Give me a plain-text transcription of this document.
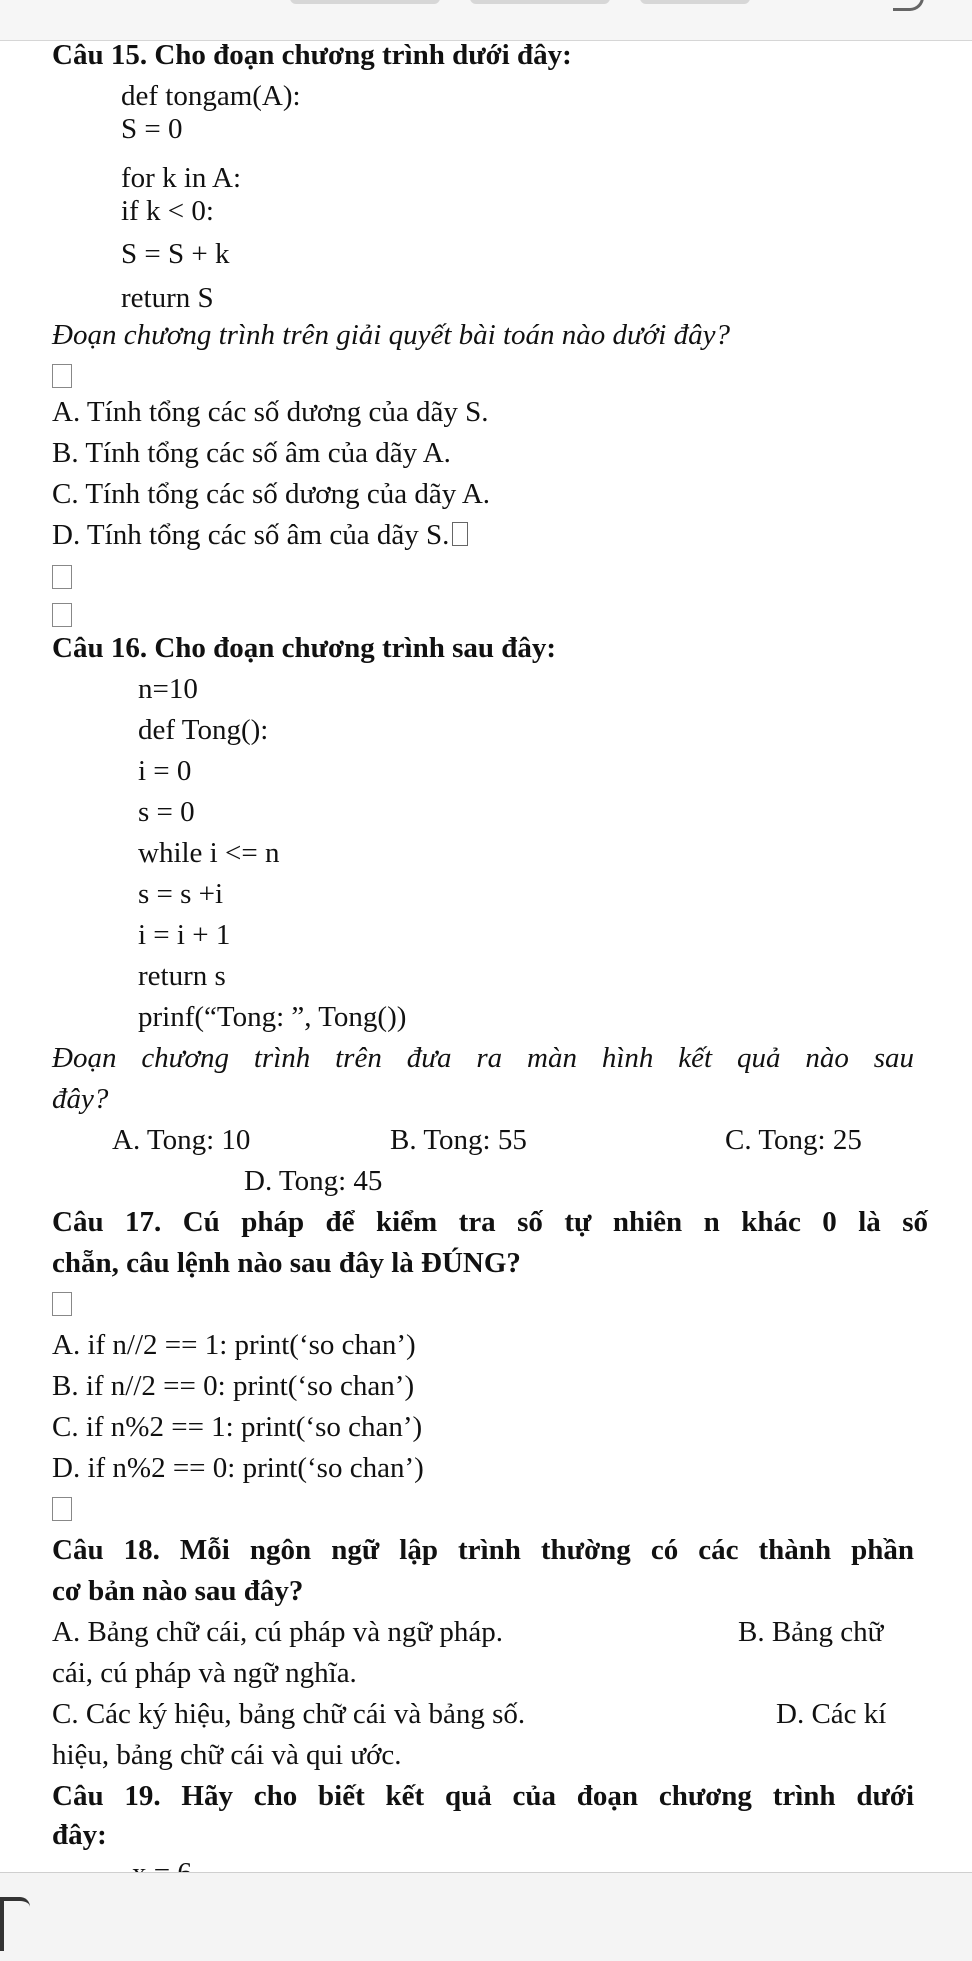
Câu 15. Cho đoạn chương trình dưới đây:
def tongam(A):
S = 0
for k in A:
if k < 0:
S = S + k
return S
Đoạn chương trình trên giải quyết bài toán nào dưới đây?
A. Tính tổng các số dương của dãy S.
B. Tính tổng các số âm của dãy A.
C. Tính tổng các số dương của dãy A.
D. Tính tổng các số âm của dãy S.
Câu 16. Cho đoạn chương trình sau đây:
n=10
def Tong():
i = 0
s = 0
while i <= n
s = s +i
i = i + 1
return s
prinf(“Tong: ”, Tong())
Đoạn chương trình trên đưa ra màn hình kết quả nào sau
đây?
A. Tong: 10	B. Tong: 55	C. Tong: 25
D. Tong: 45
Câu 17. Cú pháp để kiểm tra số tự nhiên n khác 0 là số
chẵn, câu lệnh nào sau đây là ĐÚNG?
A. if n//2 == 1: print(‘so chan’)
B. if n//2 == 0: print(‘so chan’)
C. if n%2 == 1: print(‘so chan’)
D. if n%2 == 0: print(‘so chan’)
Câu 18. Mỗi ngôn ngữ lập trình thường có các thành phần
cơ bản nào sau đây?
A. Bảng chữ cái, cú pháp và ngữ pháp.	B. Bảng chữ
cái, cú pháp và ngữ nghĩa.
C. Các ký hiệu, bảng chữ cái và bảng số.	D. Các kí
hiệu, bảng chữ cái và qui ước.
Câu 19. Hãy cho biết kết quả của đoạn chương trình dưới
đây:
